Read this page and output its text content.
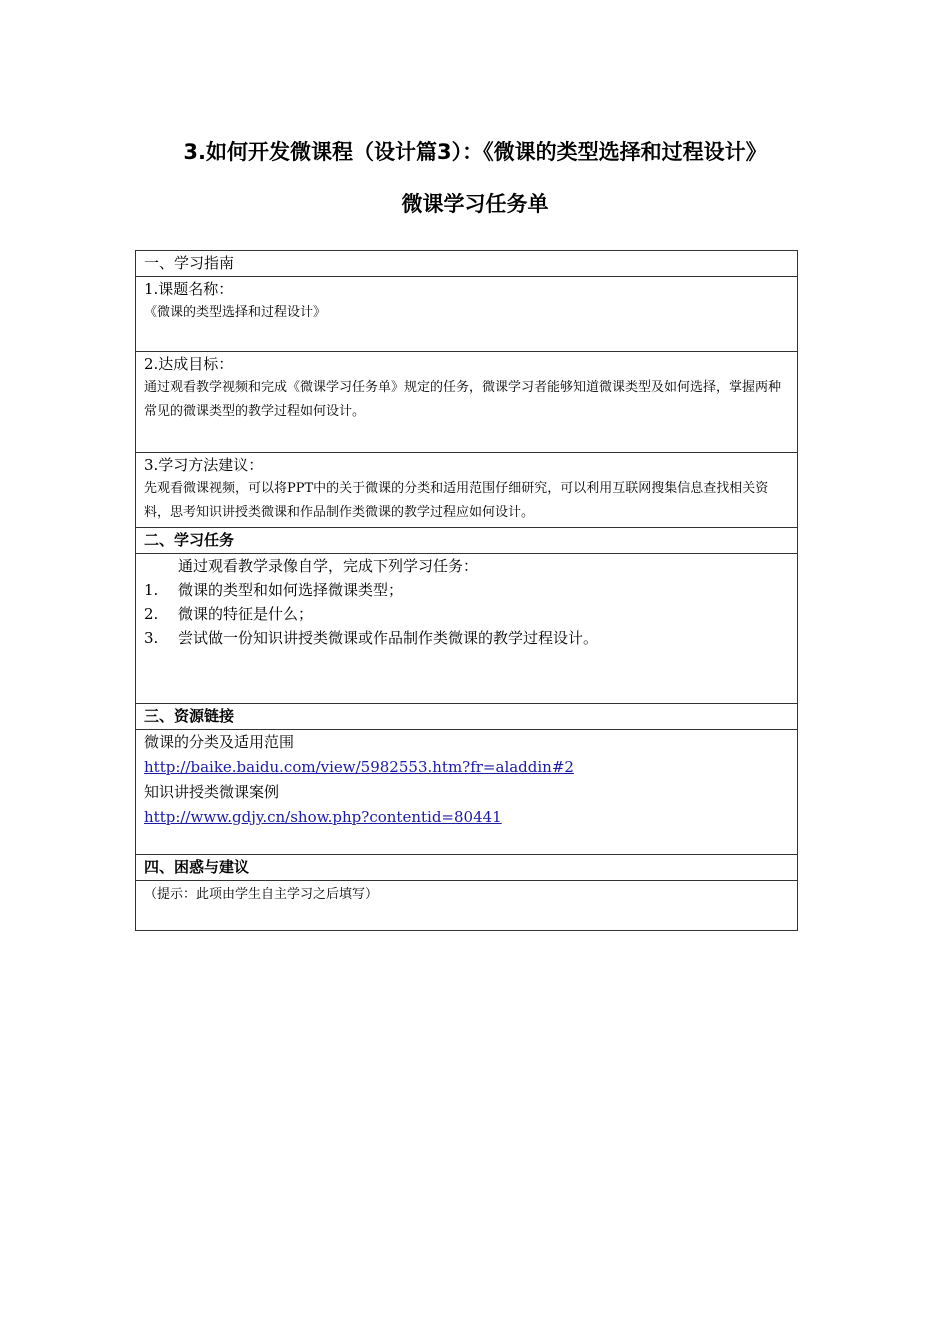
3.如何开发微课程（设计篇3）：《微课的类型选择和过程设计》
微课学习任务单
一、学习指南

1.课题名称：
《微课的类型选择和过程设计》

2.达成目标：
通过观看教学视频和完成《微课学习任务单》规定的任务，微课学习者能够知道微课类型及如何选择，掌握两种常见的微课类型的教学过程如何设计。

3.学习方法建议：
先观看微课视频，可以将PPT中的关于微课的分类和适用范围仔细研究，可以利用互联网搜集信息查找相关资料，思考知识讲授类微课和作品制作类微课的教学过程应如何设计。

二、学习任务

通过观看教学录像自学，完成下列学习任务：
1.	微课的类型和如何选择微课类型；
2.	微课的特征是什么；
3.	尝试做一份知识讲授类微课或作品制作类微课的教学过程设计。

三、资源链接

微课的分类及适用范围
http://baike.baidu.com/view/5982553.htm?fr=aladdin#2
知识讲授类微课案例
http://www.gdjy.cn/show.php?contentid=80441

四、困惑与建议
（提示：此项由学生自主学习之后填写）
